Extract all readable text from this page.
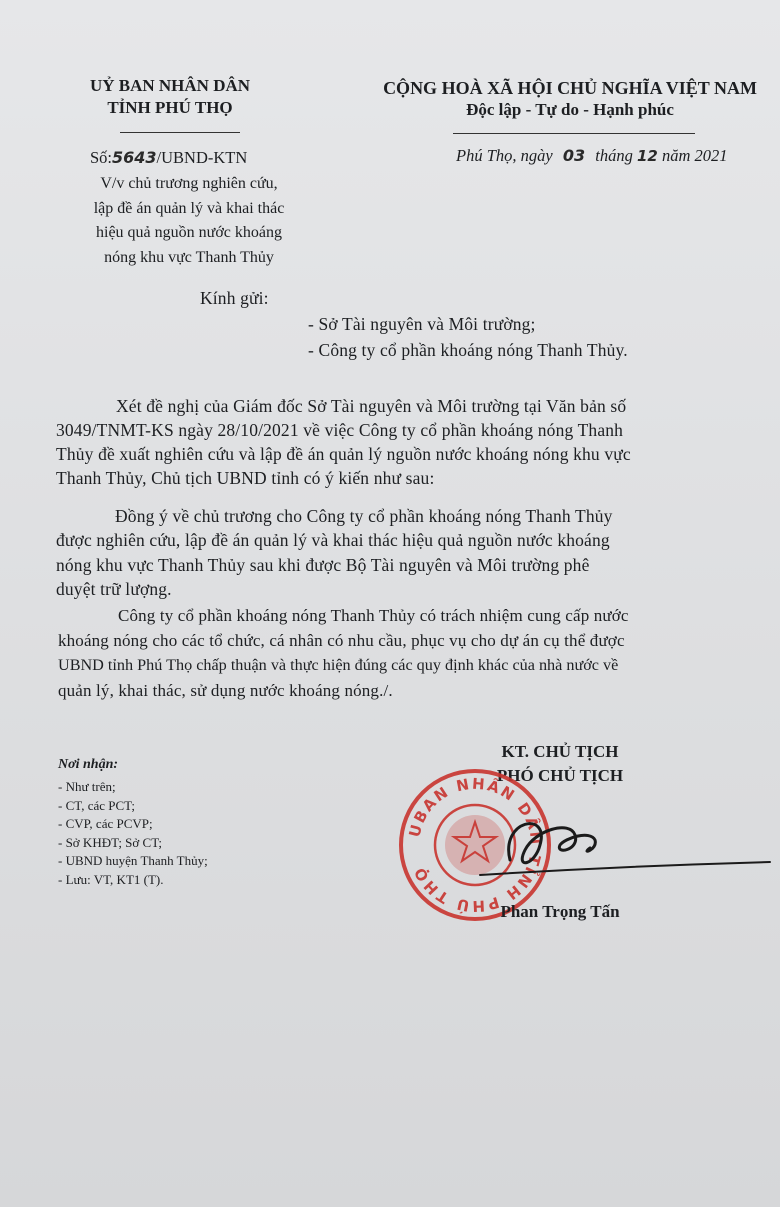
UỶ BAN NHÂN DÂN
TỈNH PHÚ THỌ
CỘNG HOÀ XÃ HỘI CHỦ NGHĨA VIỆT NAM
Độc lập - Tự do - Hạnh phúc
Số:5643/UBND-KTN
V/v chủ trương nghiên cứu,
lập đề án quản lý và khai thác
hiệu quả nguồn nước khoáng
nóng khu vực Thanh Thủy
Phú Thọ, ngày 03 tháng 12 năm 2021
Kính gửi:
- Sở Tài nguyên và Môi trường;
- Công ty cổ phần khoáng nóng Thanh Thủy.
Xét đề nghị của Giám đốc Sở Tài nguyên và Môi trường tại Văn bản số
3049/TNMT-KS ngày 28/10/2021 về việc Công ty cổ phần khoáng nóng Thanh
Thủy đề xuất nghiên cứu và lập đề án quản lý nguồn nước khoáng nóng khu vực
Thanh Thủy, Chủ tịch UBND tỉnh có ý kiến như sau:
Đồng ý về chủ trương cho Công ty cổ phần khoáng nóng Thanh Thủy
được nghiên cứu, lập đề án quản lý và khai thác hiệu quả nguồn nước khoáng
nóng khu vực Thanh Thủy sau khi được Bộ Tài nguyên và Môi trường phê
duyệt trữ lượng.
Công ty cổ phần khoáng nóng Thanh Thủy có trách nhiệm cung cấp nước
khoáng nóng cho các tổ chức, cá nhân có nhu cầu, phục vụ cho dự án cụ thể được
UBND tỉnh Phú Thọ chấp thuận và thực hiện đúng các quy định khác của nhà nước về
quản lý, khai thác, sử dụng nước khoáng nóng./.
Nơi nhận:
- Như trên;
- CT, các PCT;
- CVP, các PCVP;
- Sở KHĐT; Sở CT;
- UBND huyện Thanh Thủy;
- Lưu: VT, KT1 (T).
KT. CHỦ TỊCH
PHÓ CHỦ TỊCH
UBAN NHÂN DÂN TỈNH PHÚ THỌ
Phan Trọng Tấn
